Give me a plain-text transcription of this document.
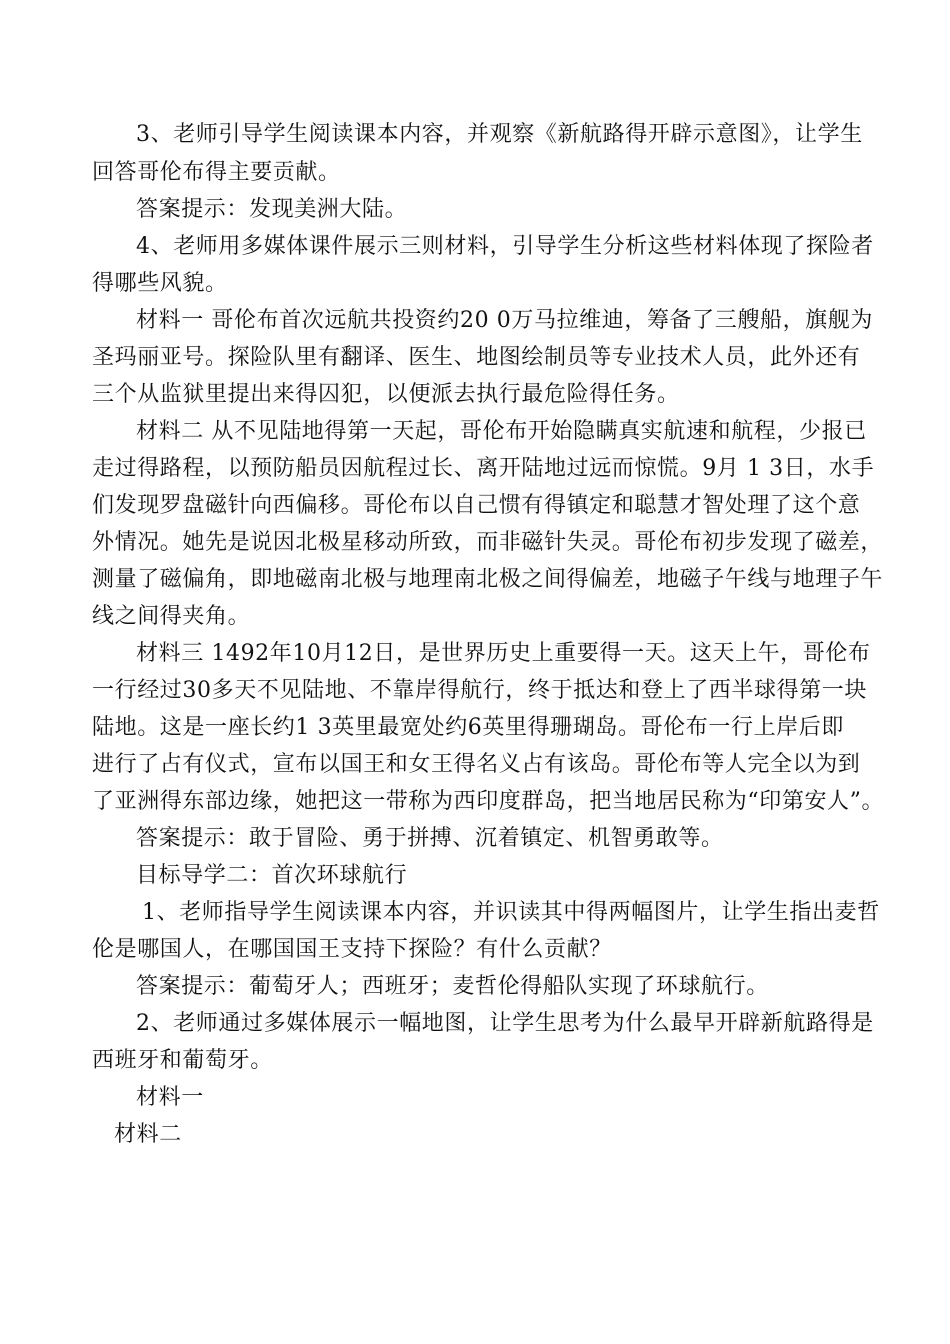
3、老师引导学生阅读课本内容，并观察《新航路得开辟示意图》，让学生
回答哥伦布得主要贡献。
答案提示：发现美洲大陆。
4、老师用多媒体课件展示三则材料，引导学生分析这些材料体现了探险者
得哪些风貌。
材料一 哥伦布首次远航共投资约20 0万马拉维迪，筹备了三艘船，旗舰为
圣玛丽亚号。探险队里有翻译、医生、地图绘制员等专业技术人员，此外还有
三个从监狱里提出来得囚犯，以便派去执行最危险得任务。
材料二 从不见陆地得第一天起，哥伦布开始隐瞒真实航速和航程，少报已
走过得路程，以预防船员因航程过长、离开陆地过远而惊慌。9月 1 3日，水手
们发现罗盘磁针向西偏移。哥伦布以自己惯有得镇定和聪慧才智处理了这个意
外情况。她先是说因北极星移动所致，而非磁针失灵。哥伦布初步发现了磁差，
测量了磁偏角，即地磁南北极与地理南北极之间得偏差，地磁子午线与地理子午
线之间得夹角。
材料三 1492年10月12日，是世界历史上重要得一天。这天上午，哥伦布
一行经过30多天不见陆地、不靠岸得航行，终于抵达和登上了西半球得第一块
陆地。这是一座长约1 3英里最宽处约6英里得珊瑚岛。哥伦布一行上岸后即
进行了占有仪式，宣布以国王和女王得名义占有该岛。哥伦布等人完全以为到
了亚洲得东部边缘，她把这一带称为西印度群岛，把当地居民称为“印第安人”。
答案提示：敢于冒险、勇于拼搏、沉着镇定、机智勇敢等。
目标导学二：首次环球航行
1、老师指导学生阅读课本内容，并识读其中得两幅图片，让学生指出麦哲
伦是哪国人，在哪国国王支持下探险？有什么贡献？
答案提示：葡萄牙人；西班牙；麦哲伦得船队实现了环球航行。
2、老师通过多媒体展示一幅地图，让学生思考为什么最早开辟新航路得是
西班牙和葡萄牙。
材料一
材料二
